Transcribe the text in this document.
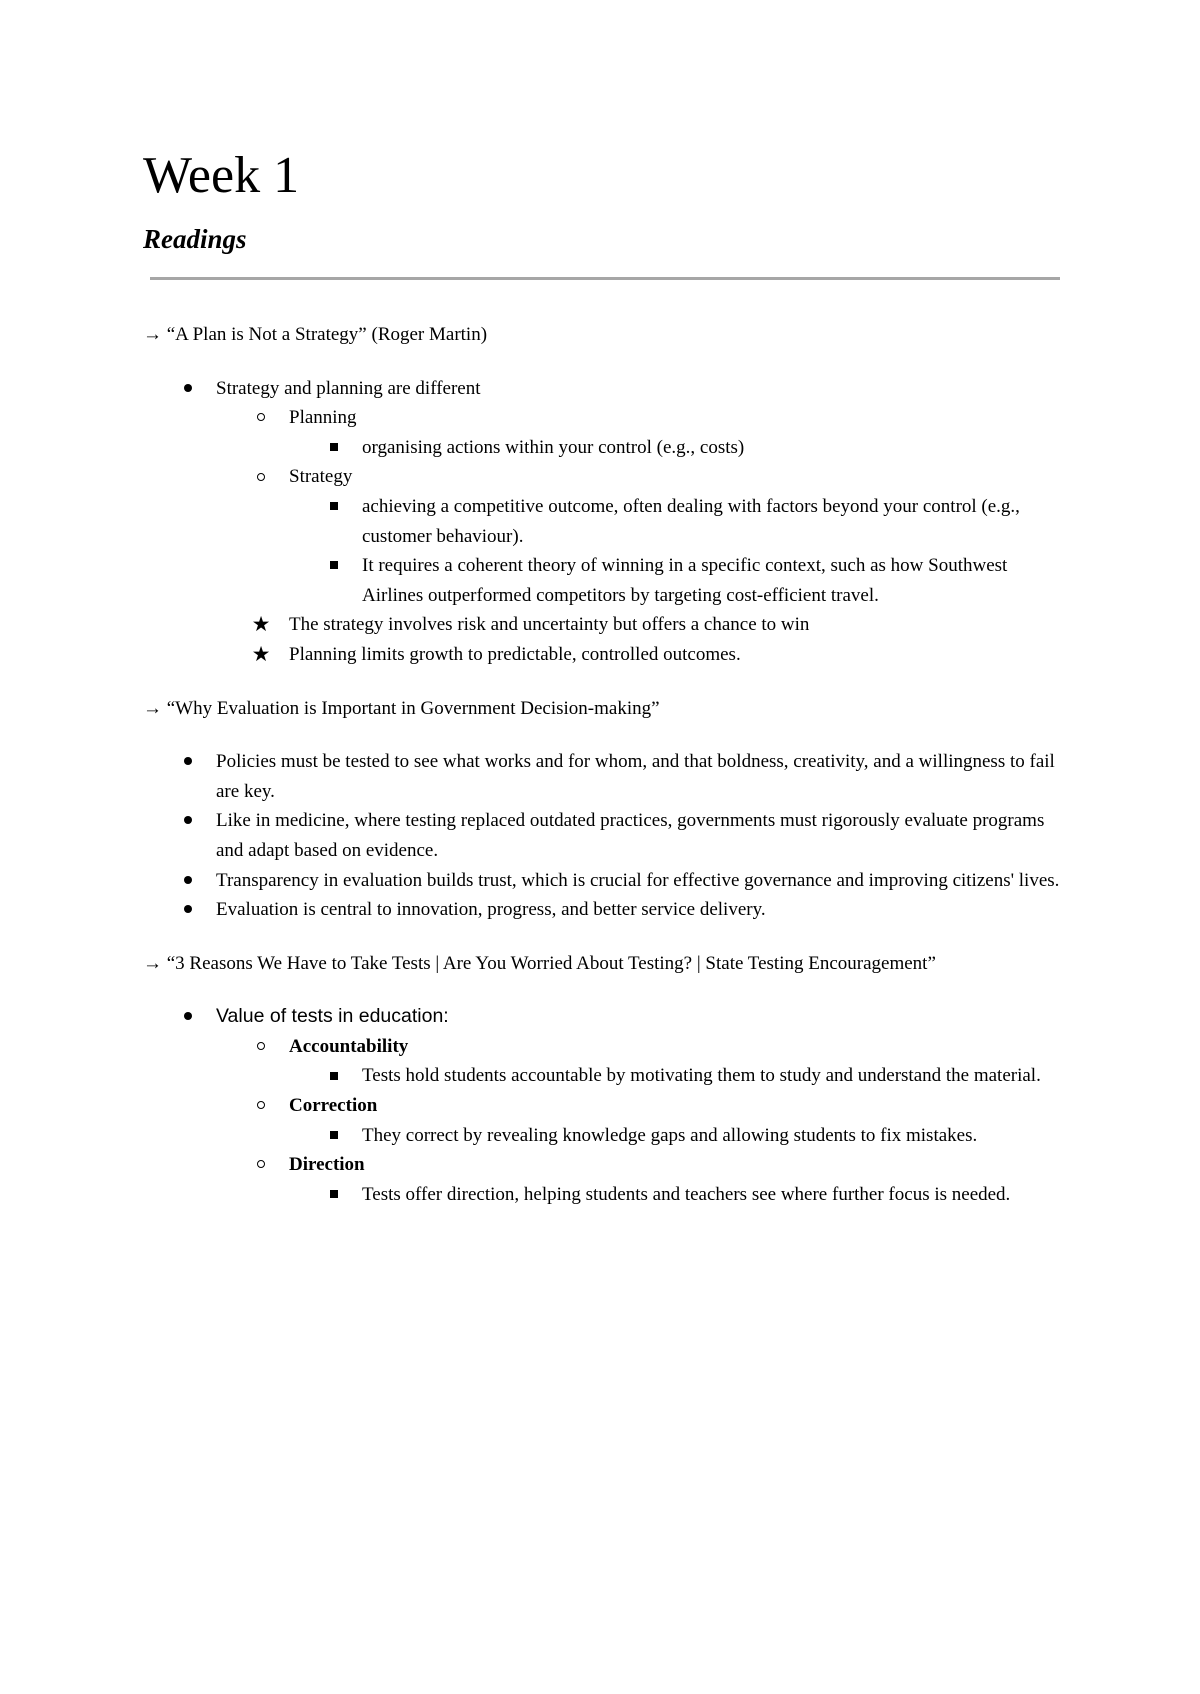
Week 1
Readings

→ “A Plan is Not a Strategy” (Roger Martin)

Strategy and planning are different
Planning
organising actions within your control (e.g., costs)
Strategy
achieving a competitive outcome, often dealing with factors beyond your control (e.g., customer behaviour).
It requires a coherent theory of winning in a specific context, such as how Southwest Airlines outperformed competitors by targeting cost-efficient travel.
★ The strategy involves risk and uncertainty but offers a chance to win
★ Planning limits growth to predictable, controlled outcomes.

→ “Why Evaluation is Important in Government Decision-making”

Policies must be tested to see what works and for whom, and that boldness, creativity, and a willingness to fail are key.
Like in medicine, where testing replaced outdated practices, governments must rigorously evaluate programs and adapt based on evidence.
Transparency in evaluation builds trust, which is crucial for effective governance and improving citizens' lives.
Evaluation is central to innovation, progress, and better service delivery.

→ “3 Reasons We Have to Take Tests | Are You Worried About Testing? | State Testing Encouragement”

Value of tests in education:
Accountability
Tests hold students accountable by motivating them to study and understand the material.
Correction
They correct by revealing knowledge gaps and allowing students to fix mistakes.
Direction
Tests offer direction, helping students and teachers see where further focus is needed.
